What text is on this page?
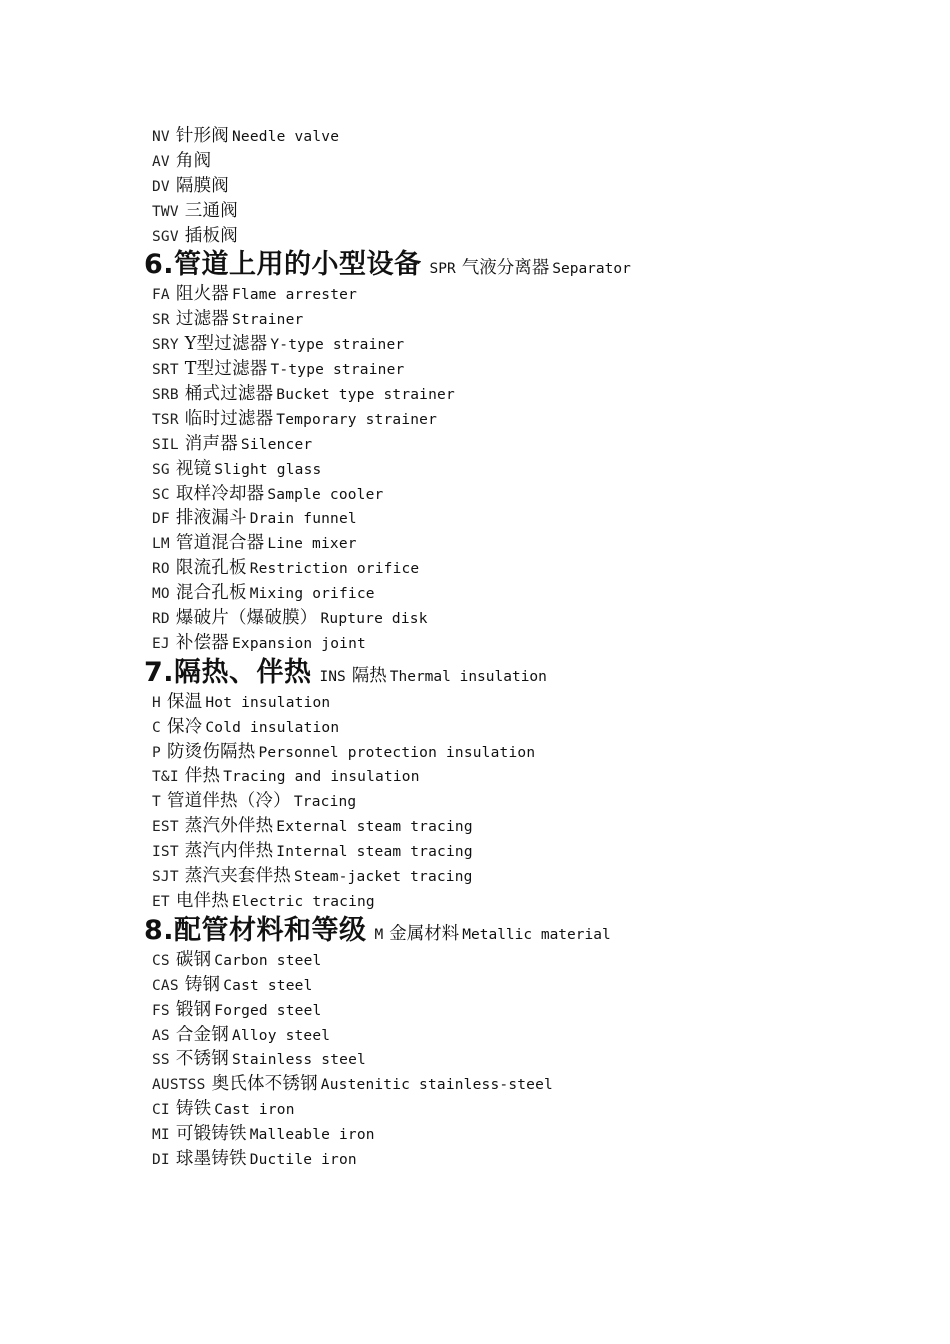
NV 针形阀 Needle valve
AV 角阀
DV 隔膜阀
TWV 三通阀
SGV 插板阀
6.管道上用的小型设备 SPR 气液分离器 Separator
FA 阻火器 Flame arrester
SR 过滤器 Strainer
SRY Y型过滤器 Y-type strainer
SRT T型过滤器 T-type strainer
SRB 桶式过滤器 Bucket type strainer
TSR 临时过滤器 Temporary strainer
SIL 消声器 Silencer
SG 视镜 Slight glass
SC 取样冷却器 Sample cooler
DF 排液漏斗 Drain funnel
LM 管道混合器 Line mixer
RO 限流孔板 Restriction orifice
MO 混合孔板 Mixing orifice
RD 爆破片（爆破膜） Rupture disk
EJ 补偿器 Expansion joint
7.隔热、伴热 INS 隔热 Thermal insulation
H 保温 Hot insulation
C 保冷 Cold insulation
P 防烫伤隔热 Personnel protection insulation
T&I 伴热 Tracing and insulation
T 管道伴热（冷） Tracing
EST 蒸汽外伴热 External steam tracing
IST 蒸汽内伴热 Internal steam tracing
SJT 蒸汽夹套伴热 Steam-jacket tracing
ET 电伴热 Electric tracing
8.配管材料和等级 M 金属材料 Metallic material
CS 碳钢 Carbon steel
CAS 铸钢 Cast steel
FS 锻钢 Forged steel
AS 合金钢 Alloy steel
SS 不锈钢 Stainless steel
AUSTSS 奥氏体不锈钢 Austenitic stainless-steel
CI 铸铁 Cast iron
MI 可锻铸铁 Malleable iron
DI 球墨铸铁 Ductile iron
